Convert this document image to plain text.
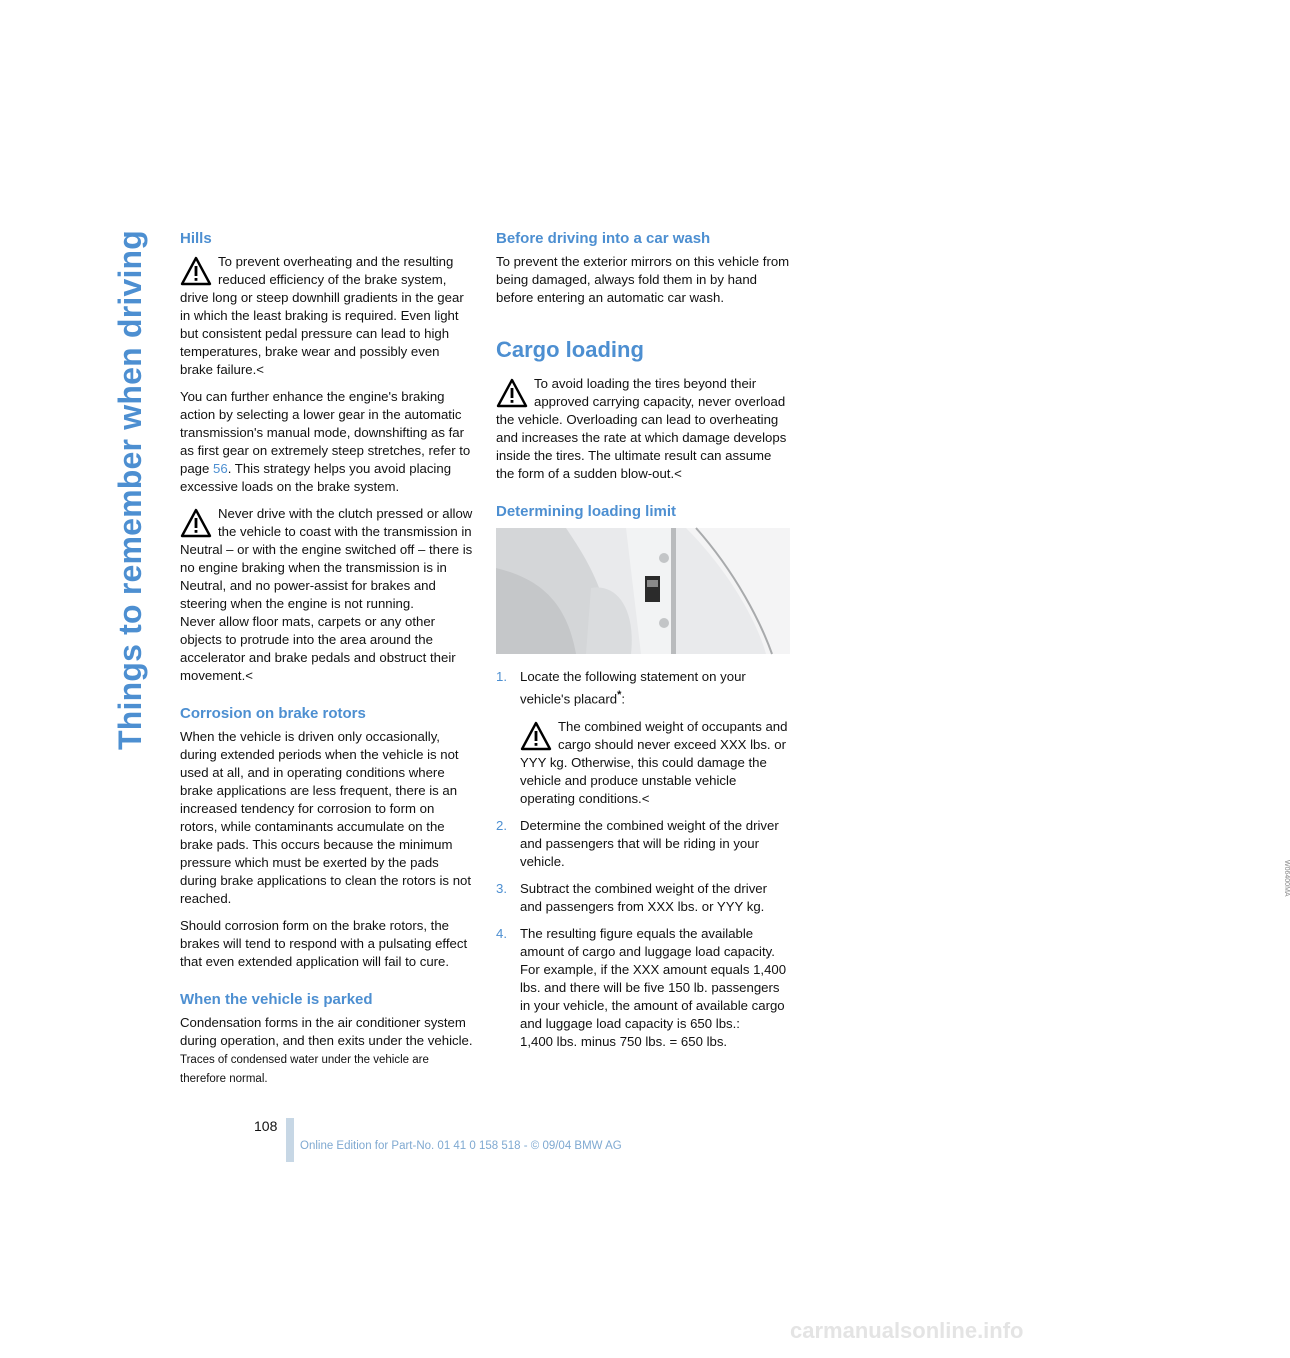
Things to remember when driving Hills
To prevent overheating and the resulting reduced efficiency of the brake system, drive long or steep downhill gradients in the gear in which the least braking is required. Even light but consistent pedal pressure can lead to high temperatures, brake wear and possibly even brake failure.<

You can further enhance the engine's braking action by selecting a lower gear in the automatic transmission's manual mode, downshifting as far as first gear on extremely steep stretches, refer to page 56. This strategy helps you avoid placing excessive loads on the brake system.

Never drive with the clutch pressed or allow the vehicle to coast with the transmission in Neutral – or with the engine switched off – there is no engine braking when the transmission is in Neutral, and no power-assist for brakes and steering when the engine is not running.
Never allow floor mats, carpets or any other objects to protrude into the area around the accelerator and brake pedals and obstruct their movement.<
Corrosion on brake rotors

When the vehicle is driven only occasionally, during extended periods when the vehicle is not used at all, and in operating conditions where brake applications are less frequent, there is an increased tendency for corrosion to form on rotors, while contaminants accumulate on the brake pads. This occurs because the minimum pressure which must be exerted by the pads during brake applications to clean the rotors is not reached.

Should corrosion form on the brake rotors, the brakes will tend to respond with a pulsating effect that even extended application will fail to cure.

When the vehicle is parked

Condensation forms in the air conditioner system during operation, and then exits under the vehicle. Traces of condensed water under the vehicle are therefore normal.

Before driving into a car wash

To prevent the exterior mirrors on this vehicle from being damaged, always fold them in by hand before entering an automatic car wash.

Cargo loading
To avoid loading the tires beyond their approved carrying capacity, never overload the vehicle. Overloading can lead to overheating and increases the rate at which damage develops inside the tires. The ultimate result can assume the form of a sudden blow-out.<
Determining loading limit
W06400MA
1. Locate the following statement on your vehicle's placard*:
The combined weight of occupants and cargo should never exceed XXX lbs. or YYY kg. Otherwise, this could damage the vehicle and produce unstable vehicle operating conditions.<
2. Determine the combined weight of the driver and passengers that will be riding in your vehicle.
3. Subtract the combined weight of the driver and passengers from XXX lbs. or YYY kg.
4. The resulting figure equals the available amount of cargo and luggage load capacity. For example, if the XXX amount equals 1,400 lbs. and there will be five 150 lb. passengers in your vehicle, the amount of available cargo and luggage load capacity is 650 lbs.:
1,400 lbs. minus 750 lbs. = 650 lbs.
108
Online Edition for Part-No. 01 41 0 158 518 - © 09/04 BMW AG
carmanualsonline.info
